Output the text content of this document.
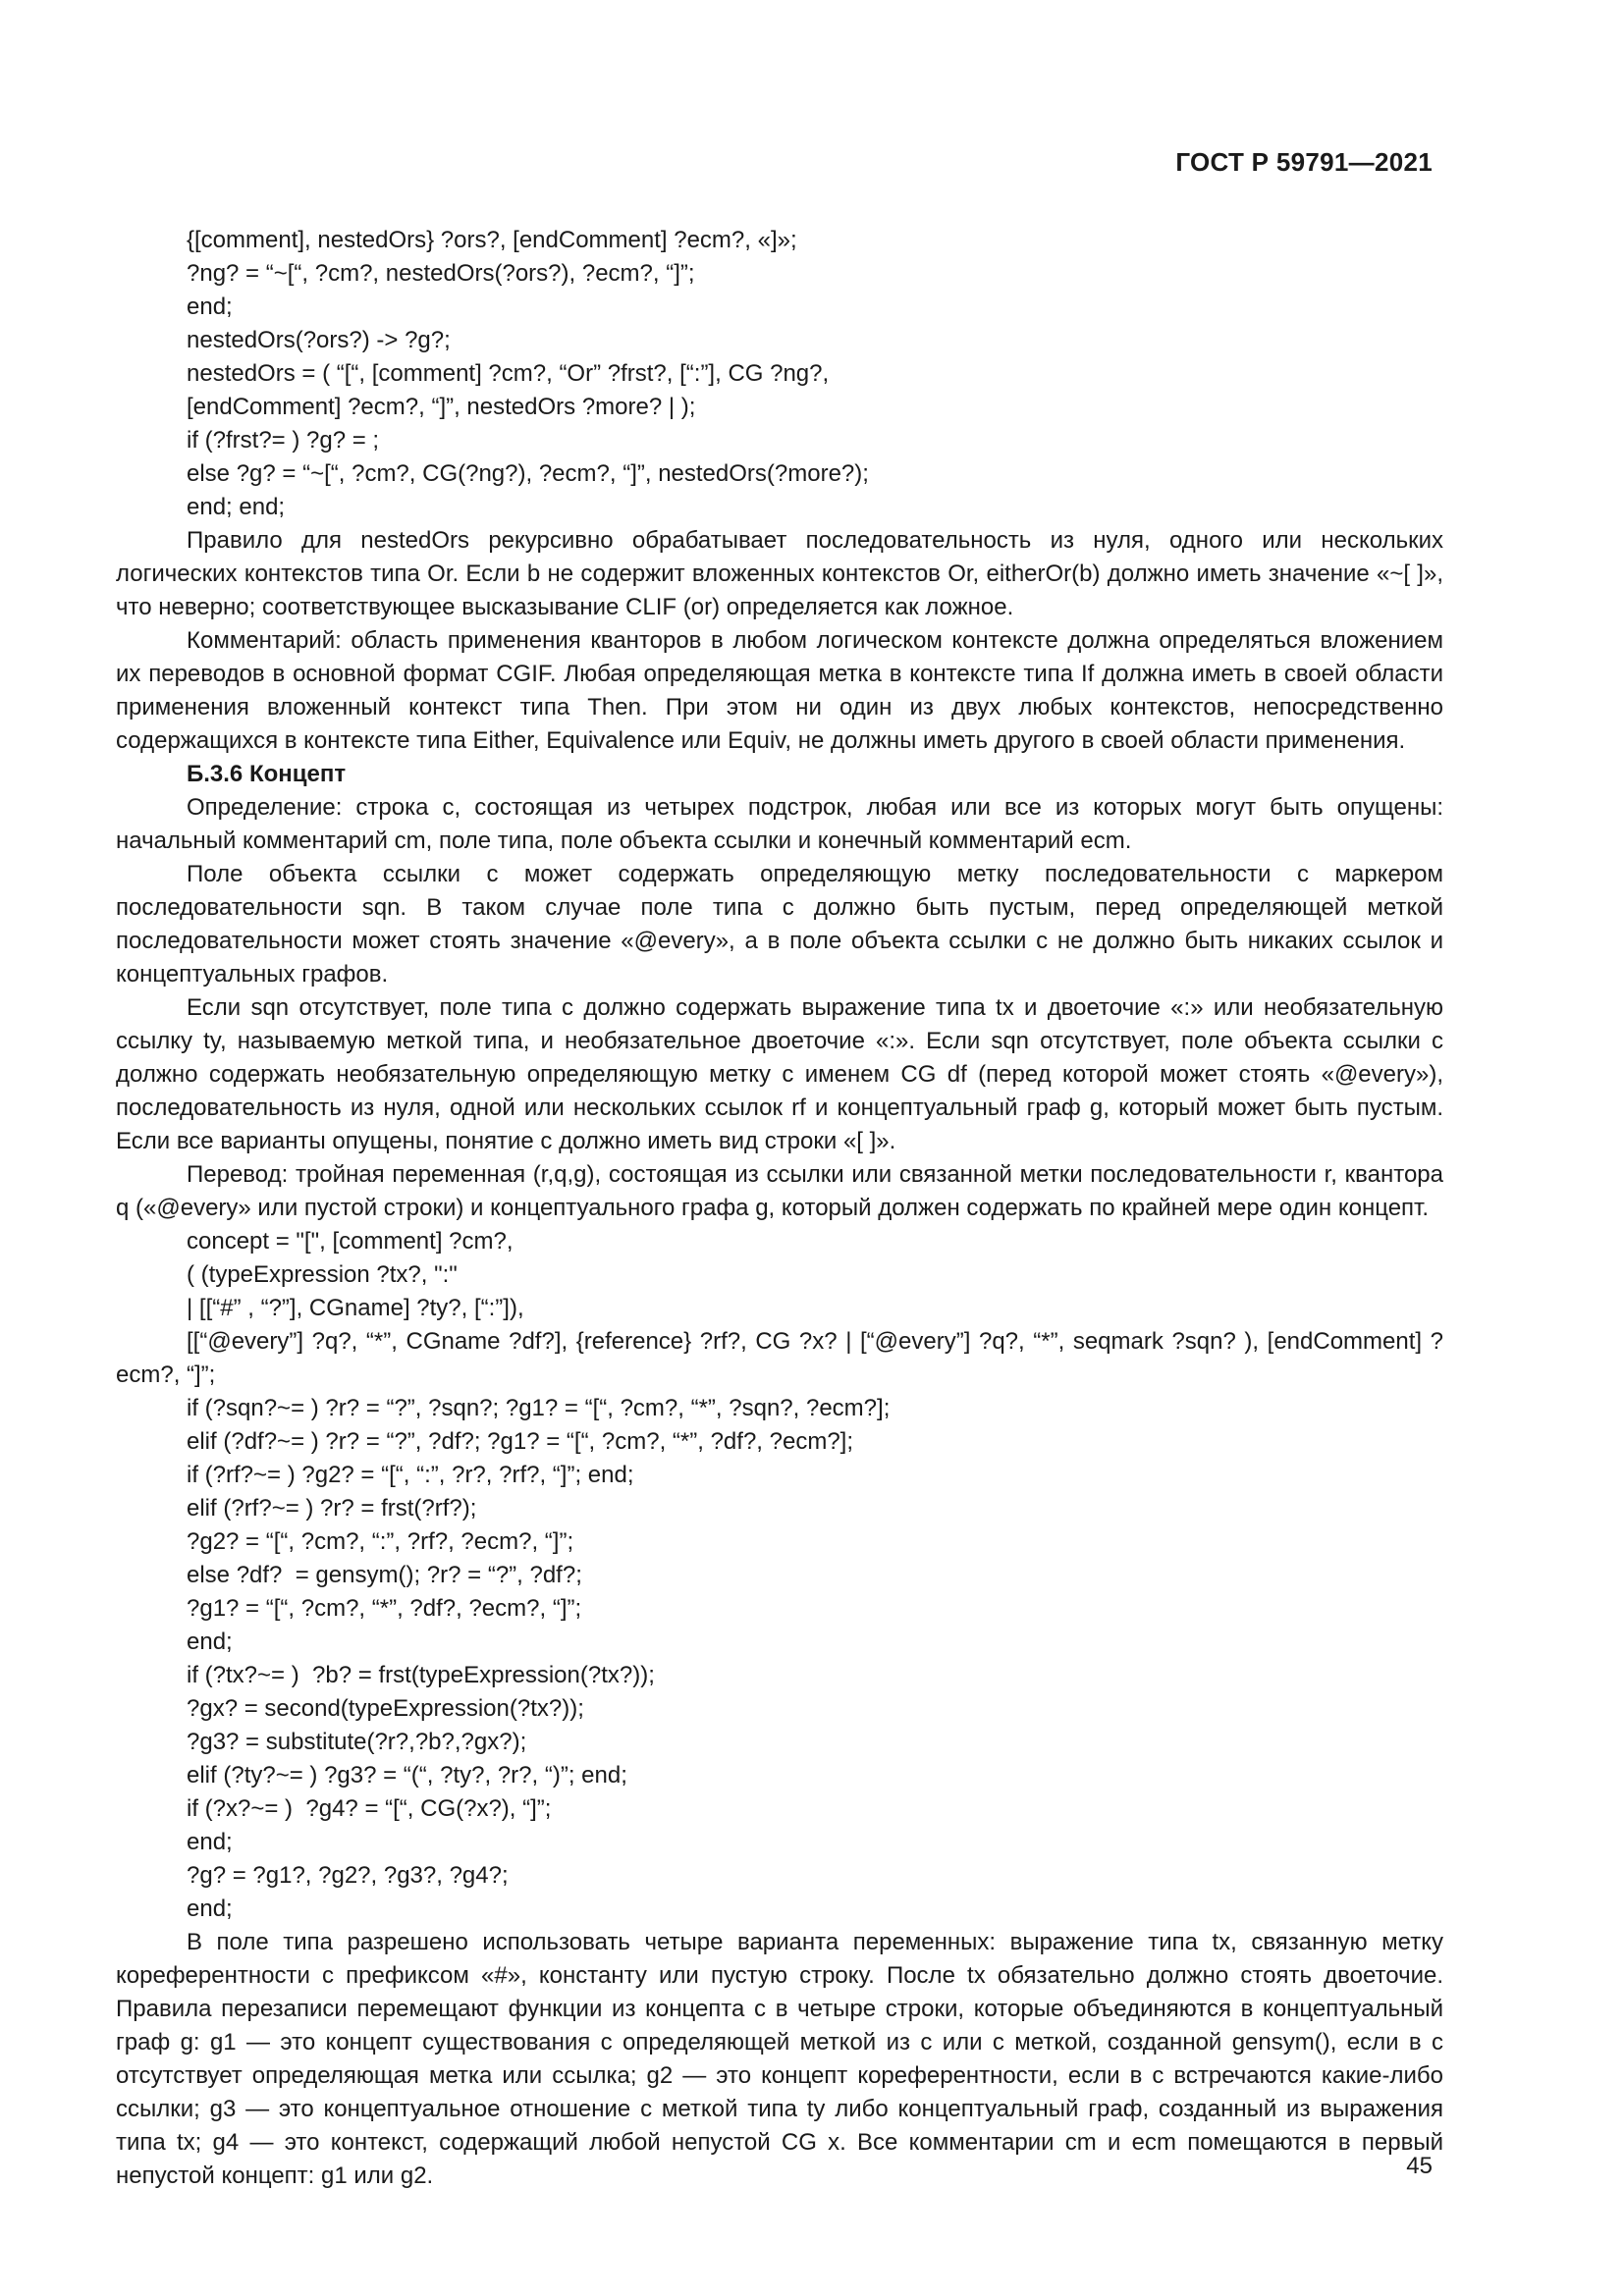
ГОСТ Р 59791—2021

{[comment], nestedOrs} ?ors?, [endComment] ?ecm?, «]»;

?ng? = “~[“, ?cm?, nestedOrs(?ors?), ?ecm?, “]”;

end;

nestedOrs(?ors?) -> ?g?;

nestedOrs = ( “[“, [comment] ?cm?, “Or” ?frst?, [“:”], CG ?ng?,

[endComment] ?ecm?, “]”, nestedOrs ?more? | );

if (?frst?= ) ?g? = ;

else ?g? = “~[“, ?cm?, CG(?ng?), ?ecm?, “]”, nestedOrs(?more?);

end; end;

Правило для nestedOrs рекурсивно обрабатывает последовательность из нуля, одного или нескольких логических контекстов типа Or. Если b не содержит вложенных контекстов Or, eitherOr(b) должно иметь значение «~[ ]», что неверно; соответствующее высказывание CLIF (or) определяется как ложное.

Комментарий: область применения кванторов в любом логическом контексте должна определяться вложением их переводов в основной формат CGIF. Любая определяющая метка в контексте типа If должна иметь в своей области применения вложенный контекст типа Then. При этом ни один из двух любых контекстов, непосредственно содержащихся в контексте типа Either, Equivalence или Equiv, не должны иметь другого в своей области применения.

Б.3.6 Концепт

Определение: строка c, состоящая из четырех подстрок, любая или все из которых могут быть опущены: начальный комментарий cm, поле типа, поле объекта ссылки и конечный комментарий ecm.

Поле объекта ссылки c может содержать определяющую метку последовательности с маркером последовательности sqn. В таком случае поле типа c должно быть пустым, перед определяющей меткой последовательности может стоять значение «@every», а в поле объекта ссылки c не должно быть никаких ссылок и концептуальных графов.

Если sqn отсутствует, поле типа c должно содержать выражение типа tx и двоеточие «:» или необязательную ссылку ty, называемую меткой типа, и необязательное двоеточие «:». Если sqn отсутствует, поле объекта ссылки c должно содержать необязательную определяющую метку с именем CG df (перед которой может стоять «@every»), последовательность из нуля, одной или нескольких ссылок rf и концептуальный граф g, который может быть пустым. Если все варианты опущены, понятие c должно иметь вид строки «[ ]».

Перевод: тройная переменная (r,q,g), состоящая из ссылки или связанной метки последовательности r, квантора q («@every» или пустой строки) и концептуального графа g, который должен содержать по крайней мере один концепт.

concept = "[", [comment] ?cm?,

( (typeExpression ?tx?, ":"

| [[“#” , “?”], CGname] ?ty?, [“:”]),

[[“@every”] ?q?, “*”, CGname ?df?], {reference} ?rf?, CG ?x? | [“@every”] ?q?, “*”, seqmark ?sqn? ), [endComment] ?ecm?, “]”;

if (?sqn?~= ) ?r? = “?”, ?sqn?; ?g1? = “[“, ?cm?, “*”, ?sqn?, ?ecm?];

elif (?df?~= ) ?r? = “?”, ?df?; ?g1? = “[“, ?cm?, “*”, ?df?, ?ecm?];

if (?rf?~= ) ?g2? = “[“, “:”, ?r?, ?rf?, “]”; end;

elif (?rf?~= ) ?r? = frst(?rf?);

?g2? = “[“, ?cm?, “:”, ?rf?, ?ecm?, “]”;

else ?df?  = gensym(); ?r? = “?”, ?df?;

?g1? = “[“, ?cm?, “*”, ?df?, ?ecm?, “]”;

end;

if (?tx?~= )  ?b? = frst(typeExpression(?tx?));

?gx? = second(typeExpression(?tx?));

?g3? = substitute(?r?,?b?,?gx?);

elif (?ty?~= ) ?g3? = “(“, ?ty?, ?r?, “)”; end;

if (?x?~= )  ?g4? = “[“, CG(?x?), “]”;

end;

?g? = ?g1?, ?g2?, ?g3?, ?g4?;

end;

В поле типа разрешено использовать четыре варианта переменных: выражение типа tx, связанную метку кореферентности с префиксом «#», константу или пустую строку. После tx обязательно должно стоять двоеточие. Правила перезаписи перемещают функции из концепта c в четыре строки, которые объединяются в концептуальный граф g: g1 — это концепт существования с определяющей меткой из c или с меткой, созданной gensym(), если в c отсутствует определяющая метка или ссылка; g2 — это концепт кореферентности, если в c встречаются какие-либо ссылки; g3 — это концептуальное отношение с меткой типа ty либо концептуальный граф, созданный из выражения типа tx; g4 — это контекст, содержащий любой непустой CG x. Все комментарии cm и ecm помещаются в первый непустой концепт: g1 или g2.	45
